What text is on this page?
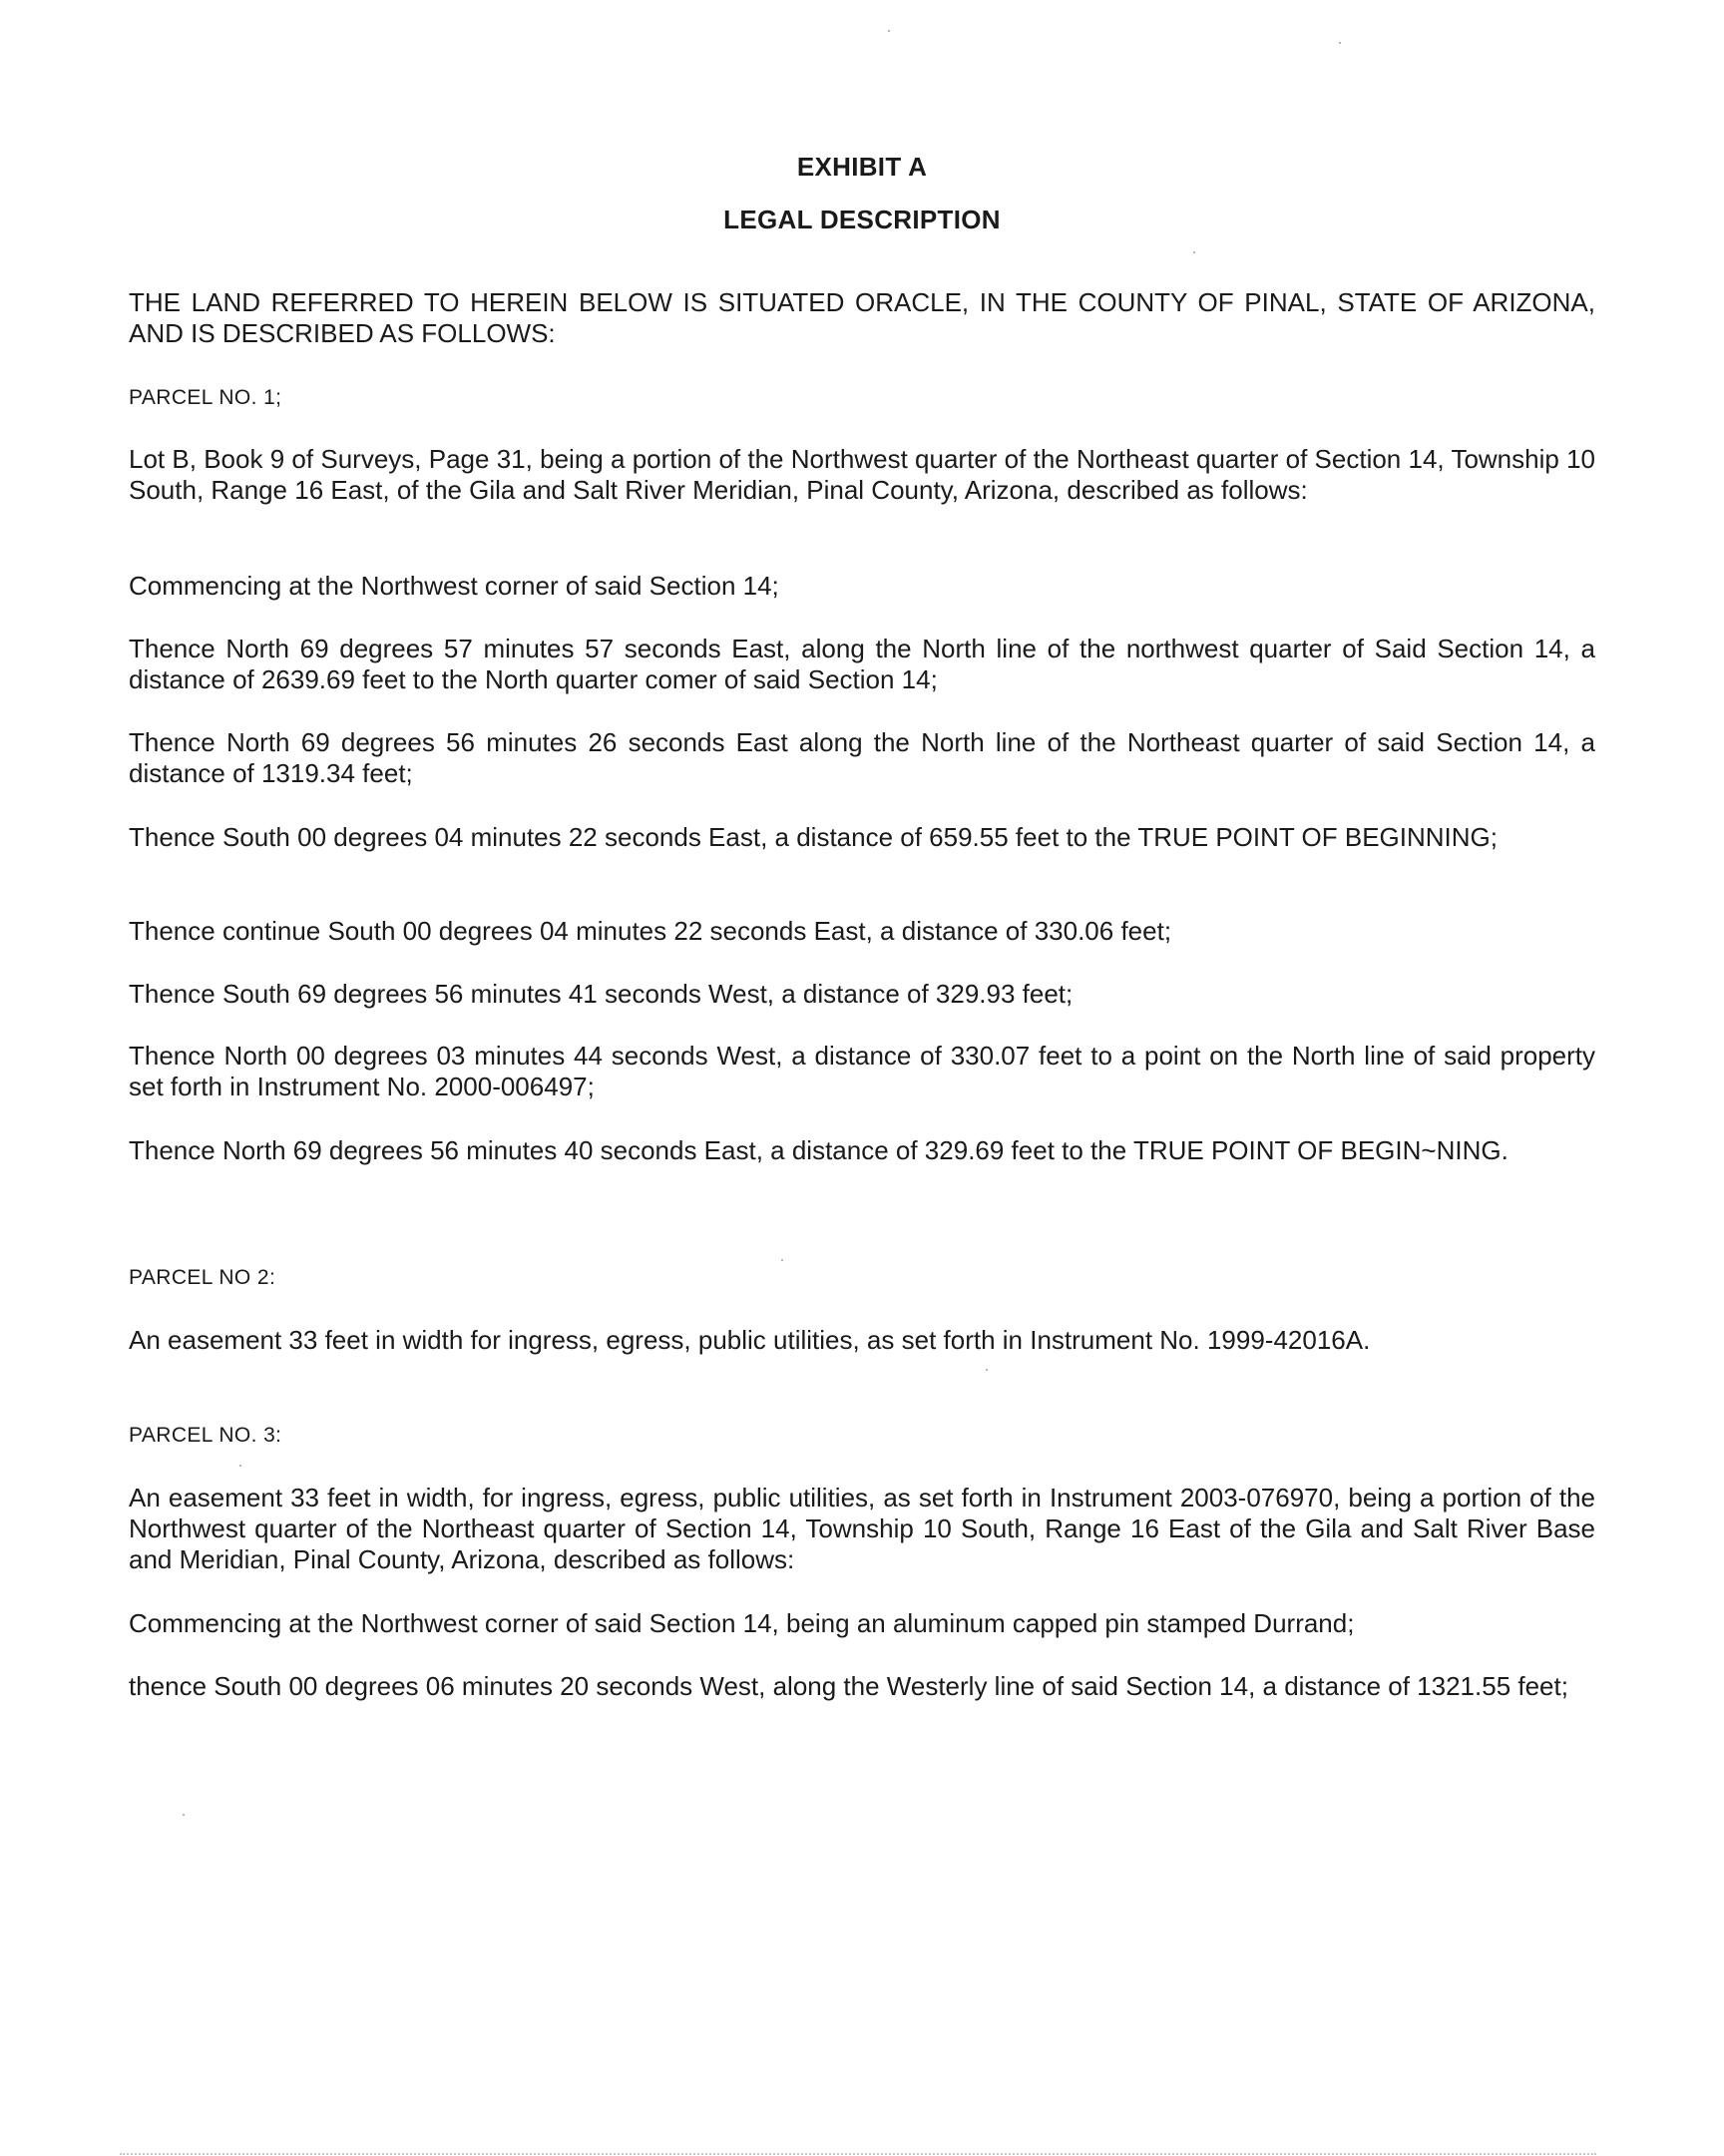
EXHIBIT A
LEGAL DESCRIPTION

THE LAND REFERRED TO HEREIN BELOW IS SITUATED ORACLE, IN THE COUNTY OF PINAL, STATE OF ARIZONA, AND IS DESCRIBED AS FOLLOWS:

PARCEL NO. 1;

Lot B, Book 9 of Surveys, Page 31, being a portion of the Northwest quarter of the Northeast quarter of Section 14, Township 10 South, Range 16 East, of the Gila and Salt River Meridian, Pinal County, Arizona, described as follows:

Commencing at the Northwest corner of said Section 14;

Thence North 69 degrees 57 minutes 57 seconds East, along the North line of the northwest quarter of Said Section 14, a distance of 2639.69 feet to the North quarter comer of said Section 14;

Thence North 69 degrees 56 minutes 26 seconds East along the North line of the Northeast quarter of said Section 14, a distance of 1319.34 feet;

Thence South 00 degrees 04 minutes 22 seconds East, a distance of 659.55 feet to the TRUE POINT OF BEGINNING;

Thence continue South 00 degrees 04 minutes 22 seconds East, a distance of 330.06 feet;

Thence South 69 degrees 56 minutes 41 seconds West, a distance of 329.93 feet;

Thence North 00 degrees 03 minutes 44 seconds West, a distance of 330.07 feet to a point on the North line of said property set forth in Instrument No. 2000-006497;

Thence North 69 degrees 56 minutes 40 seconds East, a distance of 329.69 feet to the TRUE POINT OF BEGIN~NING.

PARCEL NO 2:

An easement 33 feet in width for ingress, egress, public utilities, as set forth in Instrument No. 1999-42016A.

PARCEL NO. 3:

An easement 33 feet in width, for ingress, egress, public utilities, as set forth in Instrument 2003-076970, being a portion of the Northwest quarter of the Northeast quarter of Section 14, Township 10 South, Range 16 East of the Gila and Salt River Base and Meridian, Pinal County, Arizona, described as follows:

Commencing at the Northwest corner of said Section 14, being an aluminum capped pin stamped Durrand;

thence South 00 degrees 06 minutes 20 seconds West, along the Westerly line of said Section 14, a distance of 1321.55 feet;
